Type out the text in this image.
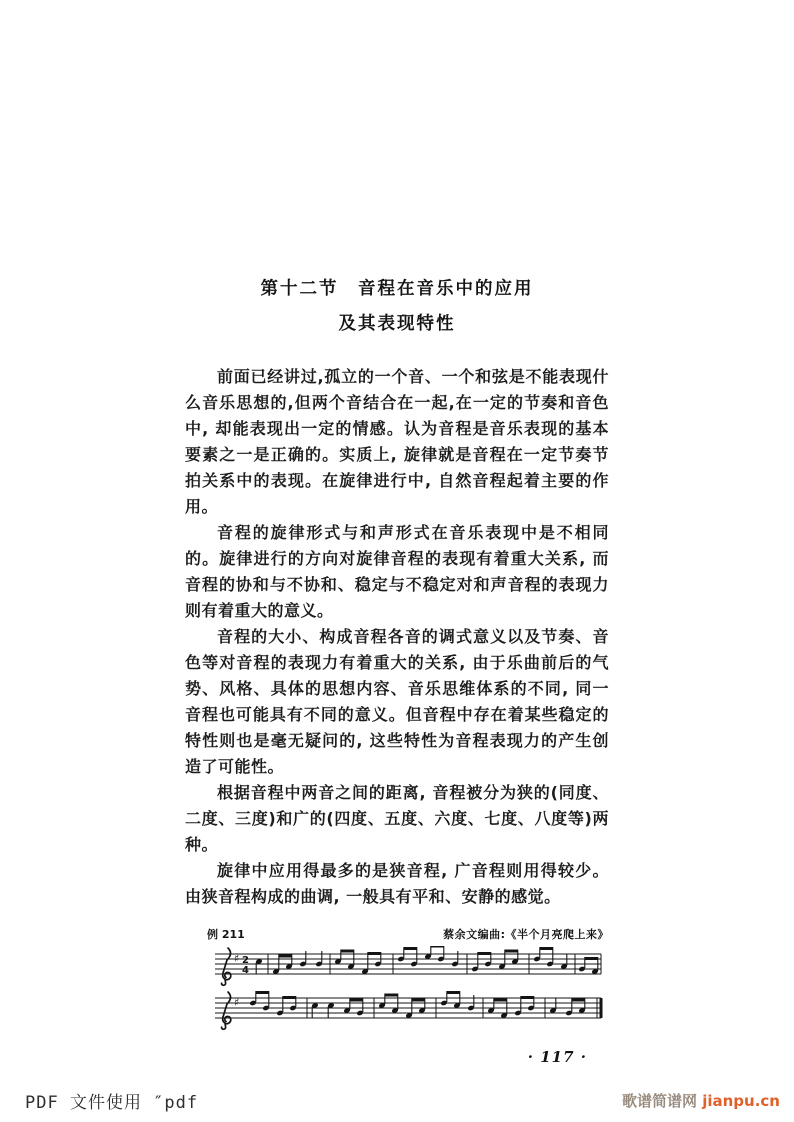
第十二节　音程在音乐中的应用
及其表现特性

前面已经讲过,孤立的一个音、一个和弦是不能表现什么音乐思想的,但两个音结合在一起,在一定的节奏和音色中, 却能表现出一定的情感。认为音程是音乐表现的基本要素之一是正确的。实质上, 旋律就是音程在一定节奏节拍关系中的表现。在旋律进行中, 自然音程起着主要的作用。

音程的旋律形式与和声形式在音乐表现中是不相同的。旋律进行的方向对旋律音程的表现有着重大关系, 而音程的协和与不协和、稳定与不稳定对和声音程的表现力则有着重大的意义。

音程的大小、构成音程各音的调式意义以及节奏、音色等对音程的表现力有着重大的关系, 由于乐曲前后的气势、风格、具体的思想内容、音乐思维体系的不同, 同一音程也可能具有不同的意义。但音程中存在着某些稳定的特性则也是毫无疑问的, 这些特性为音程表现力的产生创造了可能性。

根据音程中两音之间的距离, 音程被分为狭的(同度、二度、三度)和广的(四度、五度、六度、七度、八度等)两种。

旋律中应用得最多的是狭音程, 广音程则用得较少。由狭音程构成的曲调, 一般具有平和、安静的感觉。

例 211	蔡余文编曲:《半个月亮爬上来》
♯ 2
4
♯
· 117 ·
PDF 文件使用 ″pdf	歌谱简谱网 jianpu.cn
